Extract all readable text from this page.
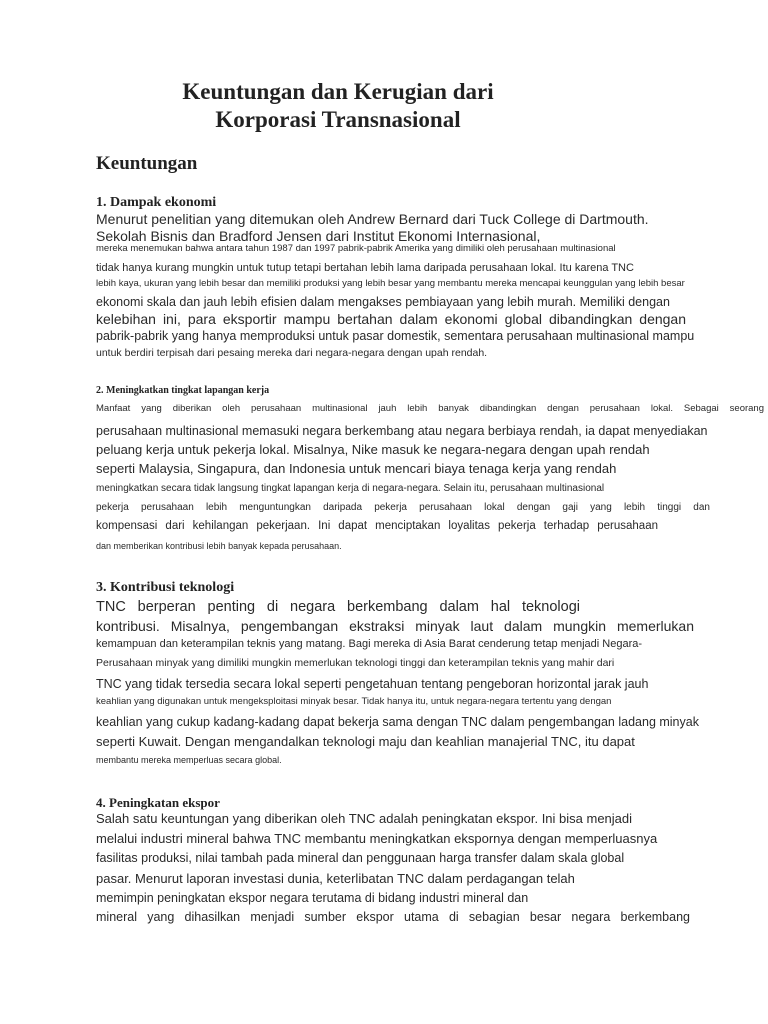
Keuntungan dan Kerugian dari
Korporasi Transnasional
Keuntungan
1. Dampak ekonomi

Menurut penelitian yang ditemukan oleh Andrew Bernard dari Tuck College di Dartmouth.

Sekolah Bisnis dan Bradford Jensen dari Institut Ekonomi Internasional,

mereka menemukan bahwa antara tahun 1987 dan 1997 pabrik-pabrik Amerika yang dimiliki oleh perusahaan multinasional

tidak hanya kurang mungkin untuk tutup tetapi bertahan lebih lama daripada perusahaan lokal. Itu karena TNC

lebih kaya, ukuran yang lebih besar dan memiliki produksi yang lebih besar yang membantu mereka mencapai keunggulan yang lebih besar

ekonomi skala dan jauh lebih efisien dalam mengakses pembiayaan yang lebih murah. Memiliki dengan

kelebihan ini, para eksportir mampu bertahan dalam ekonomi global dibandingkan dengan

pabrik-pabrik yang hanya memproduksi untuk pasar domestik, sementara perusahaan multinasional mampu

untuk berdiri terpisah dari pesaing mereka dari negara-negara dengan upah rendah.

2. Meningkatkan tingkat lapangan kerja

Manfaat yang diberikan oleh perusahaan multinasional jauh lebih banyak dibandingkan dengan perusahaan lokal. Sebagai seorang

perusahaan multinasional memasuki negara berkembang atau negara berbiaya rendah, ia dapat menyediakan

peluang kerja untuk pekerja lokal. Misalnya, Nike masuk ke negara-negara dengan upah rendah

seperti Malaysia, Singapura, dan Indonesia untuk mencari biaya tenaga kerja yang rendah

meningkatkan secara tidak langsung tingkat lapangan kerja di negara-negara. Selain itu, perusahaan multinasional

pekerja perusahaan lebih menguntungkan daripada pekerja perusahaan lokal dengan gaji yang lebih tinggi dan

kompensasi dari kehilangan pekerjaan. Ini dapat menciptakan loyalitas pekerja terhadap perusahaan

dan memberikan kontribusi lebih banyak kepada perusahaan.

3. Kontribusi teknologi

TNC berperan penting di negara berkembang dalam hal teknologi

kontribusi. Misalnya, pengembangan ekstraksi minyak laut dalam mungkin memerlukan

kemampuan dan keterampilan teknis yang matang. Bagi mereka di Asia Barat cenderung tetap menjadi Negara-

Perusahaan minyak yang dimiliki mungkin memerlukan teknologi tinggi dan keterampilan teknis yang mahir dari

TNC yang tidak tersedia secara lokal seperti pengetahuan tentang pengeboran horizontal jarak jauh

keahlian yang digunakan untuk mengeksploitasi minyak besar. Tidak hanya itu, untuk negara-negara tertentu yang dengan

keahlian yang cukup kadang-kadang dapat bekerja sama dengan TNC dalam pengembangan ladang minyak

seperti Kuwait. Dengan mengandalkan teknologi maju dan keahlian manajerial TNC, itu dapat

membantu mereka memperluas secara global.

4. Peningkatan ekspor

Salah satu keuntungan yang diberikan oleh TNC adalah peningkatan ekspor. Ini bisa menjadi

melalui industri mineral bahwa TNC membantu meningkatkan ekspornya dengan memperluasnya

fasilitas produksi, nilai tambah pada mineral dan penggunaan harga transfer dalam skala global

pasar. Menurut laporan investasi dunia, keterlibatan TNC dalam perdagangan telah

memimpin peningkatan ekspor negara terutama di bidang industri mineral dan

mineral yang dihasilkan menjadi sumber ekspor utama di sebagian besar negara berkembang
